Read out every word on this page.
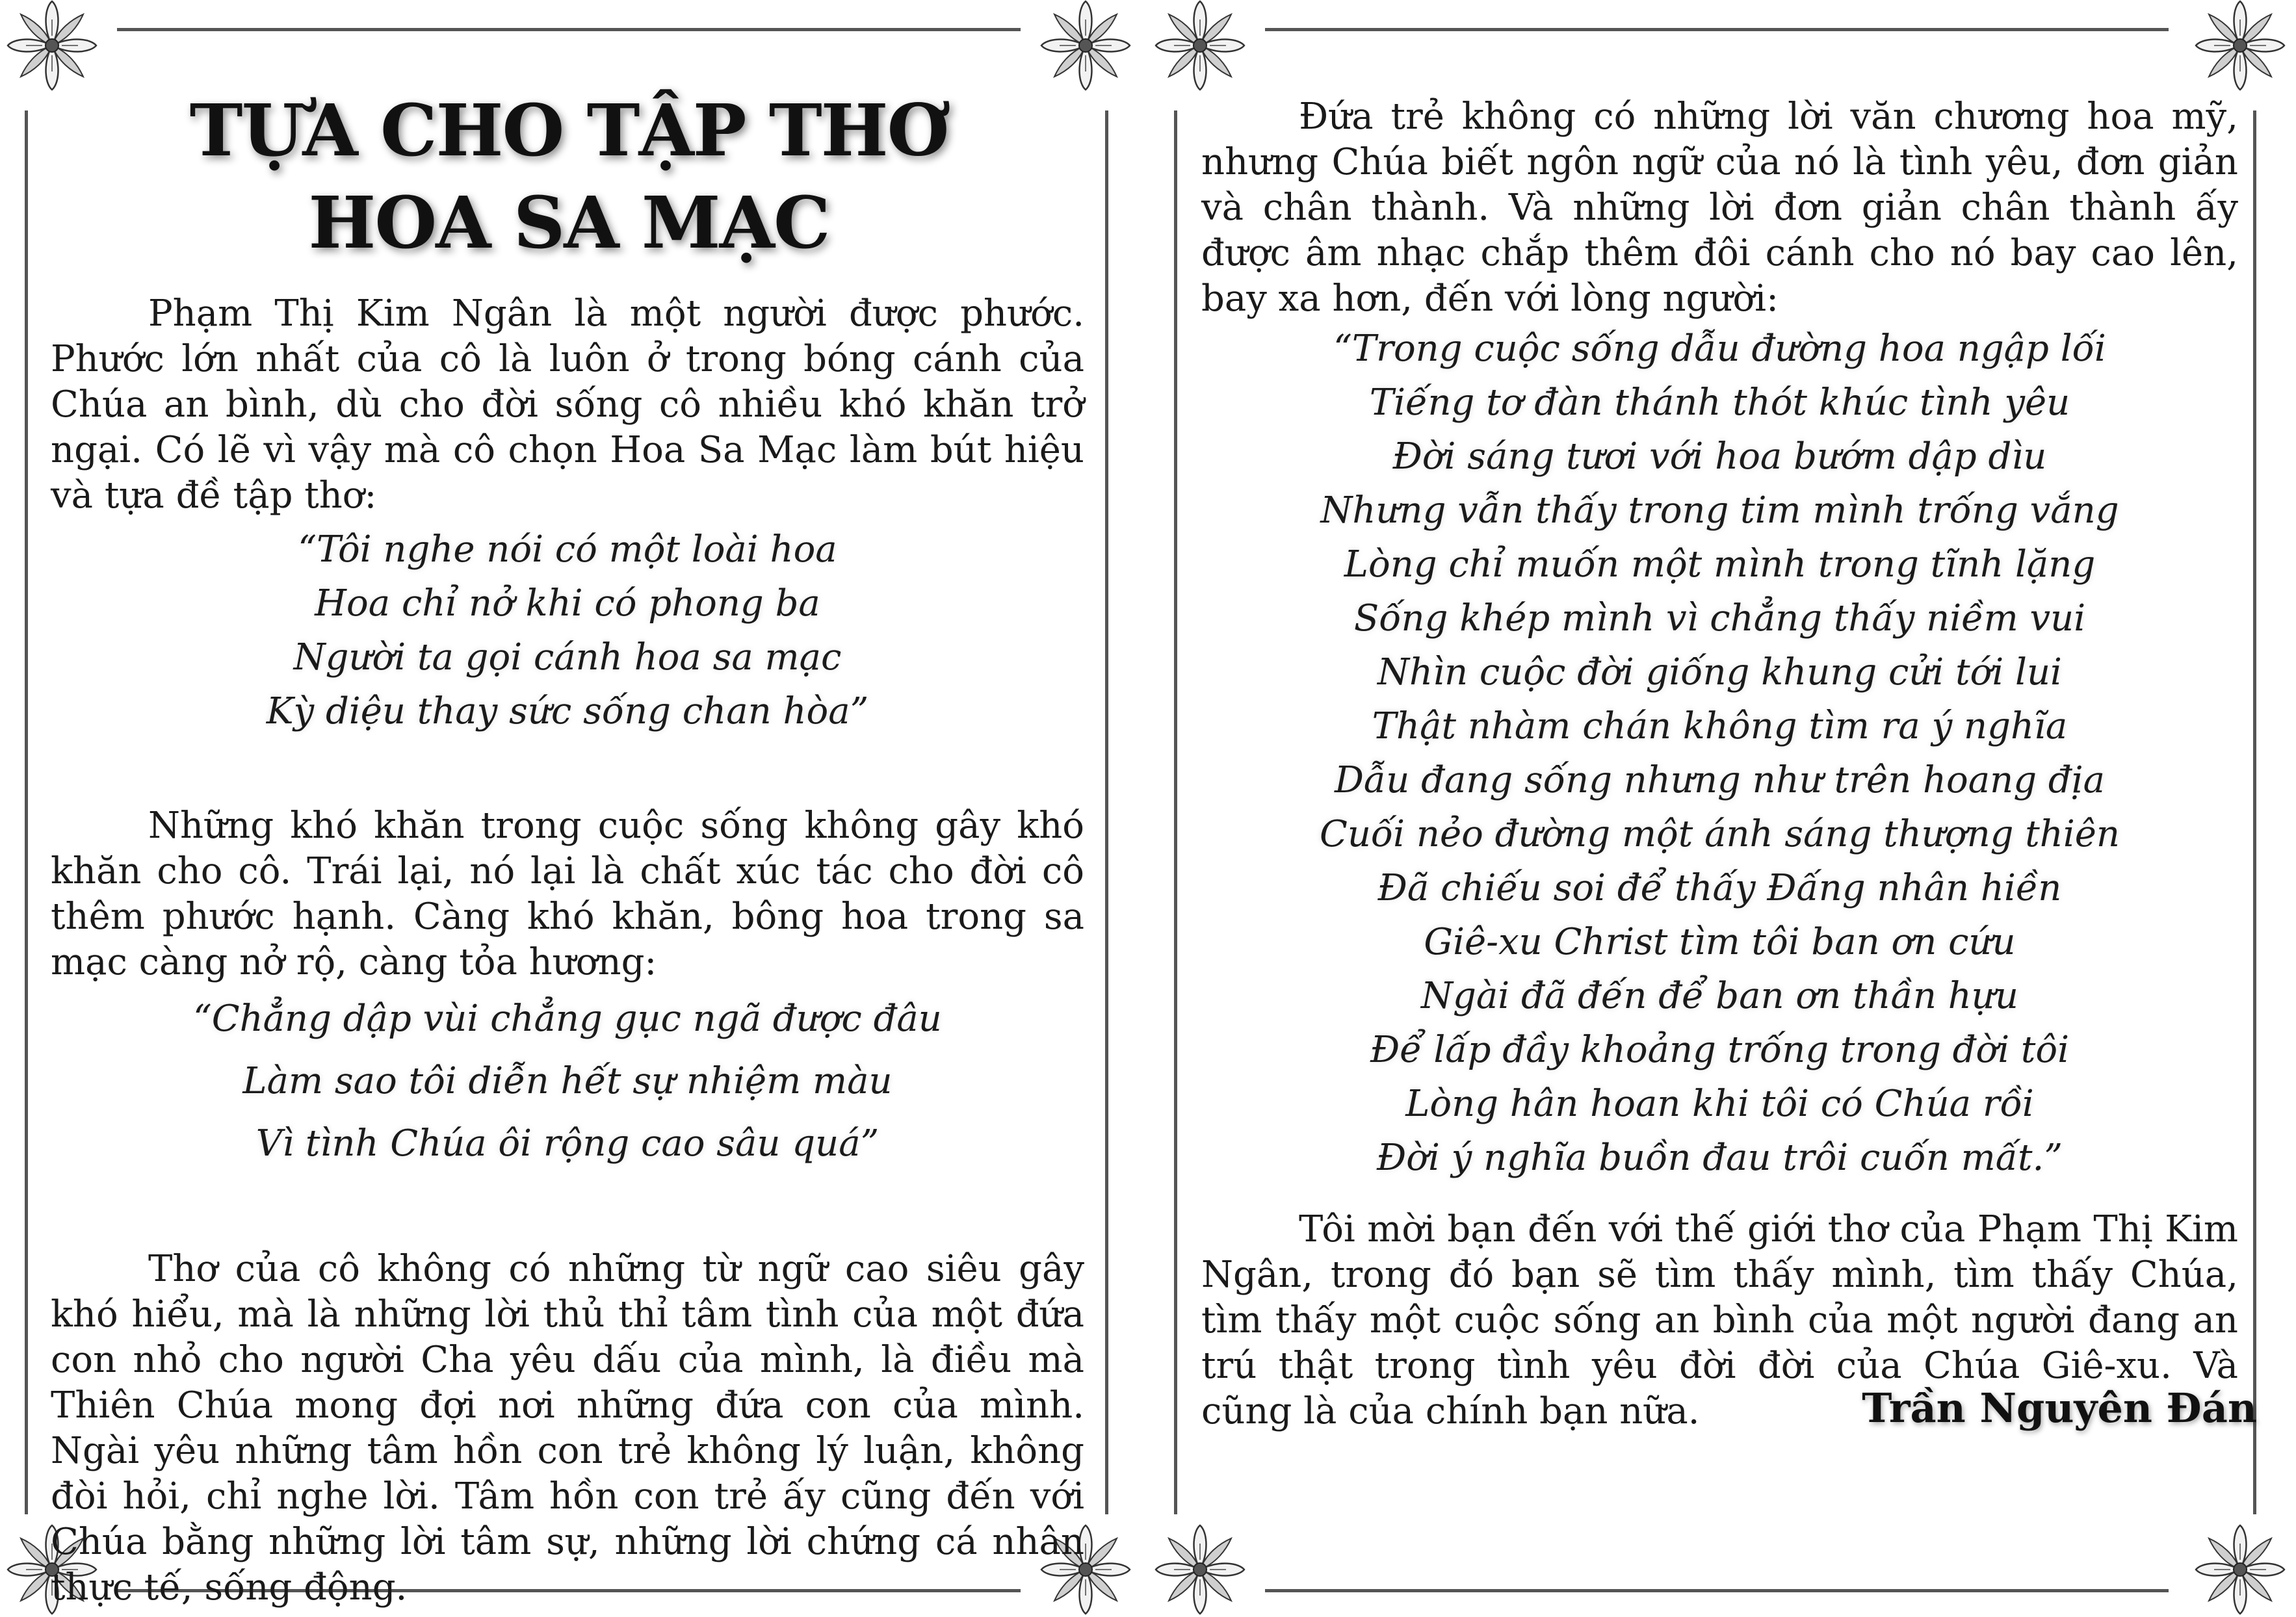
TỰA CHO TẬP THƠ
HOA SA MẠC

Phạm Thị Kim Ngân là một người được phước. Phước lớn nhất của cô là luôn ở trong bóng cánh của Chúa an bình, dù cho đời sống cô nhiều khó khăn trở ngại. Có lẽ vì vậy mà cô chọn Hoa Sa Mạc làm bút hiệu và tựa đề tập thơ:

“Tôi nghe nói có một loài hoa
Hoa chỉ nở khi có phong ba
Người ta gọi cánh hoa sa mạc
Kỳ diệu thay sức sống chan hòa”

Những khó khăn trong cuộc sống không gây khó khăn cho cô. Trái lại, nó lại là chất xúc tác cho đời cô thêm phước hạnh. Càng khó khăn, bông hoa trong sa mạc càng nở rộ, càng tỏa hương:

“Chẳng dập vùi chẳng gục ngã được đâu
Làm sao tôi diễn hết sự nhiệm màu
Vì tình Chúa ôi rộng cao sâu quá”

Thơ của cô không có những từ ngữ cao siêu gây khó hiểu, mà là những lời thủ thỉ tâm tình của một đứa con nhỏ cho người Cha yêu dấu của mình, là điều mà Thiên Chúa mong đợi nơi những đứa con của mình. Ngài yêu những tâm hồn con trẻ không lý luận, không đòi hỏi, chỉ nghe lời. Tâm hồn con trẻ ấy cũng đến với Chúa bằng những lời tâm sự, những lời chứng cá nhân thực tế, sống động.

Đứa trẻ không có những lời văn chương hoa mỹ, nhưng Chúa biết ngôn ngữ của nó là tình yêu, đơn giản và chân thành. Và những lời đơn giản chân thành ấy được âm nhạc chắp thêm đôi cánh cho nó bay cao lên, bay xa hơn, đến với lòng người:

“Trong cuộc sống dẫu đường hoa ngập lối
Tiếng tơ đàn thánh thót khúc tình yêu
Đời sáng tươi với hoa bướm dập dìu
Nhưng vẫn thấy trong tim mình trống vắng
Lòng chỉ muốn một mình trong tĩnh lặng
Sống khép mình vì chẳng thấy niềm vui
Nhìn cuộc đời giống khung cửi tới lui
Thật nhàm chán không tìm ra ý nghĩa
Dẫu đang sống nhưng như trên hoang địa
Cuối nẻo đường một ánh sáng thượng thiên
Đã chiếu soi để thấy Đấng nhân hiền
Giê-xu Christ tìm tôi ban ơn cứu
Ngài đã đến để ban ơn thần hựu
Để lấp đầy khoảng trống trong đời tôi
Lòng hân hoan khi tôi có Chúa rồi
Đời ý nghĩa buồn đau trôi cuốn mất.”

Tôi mời bạn đến với thế giới thơ của Phạm Thị Kim Ngân, trong đó bạn sẽ tìm thấy mình, tìm thấy Chúa, tìm thấy một cuộc sống an bình của một người đang an trú thật trong tình yêu đời đời của Chúa Giê-xu. Và cũng là của chính bạn nữa.	Trần Nguyên Đán
